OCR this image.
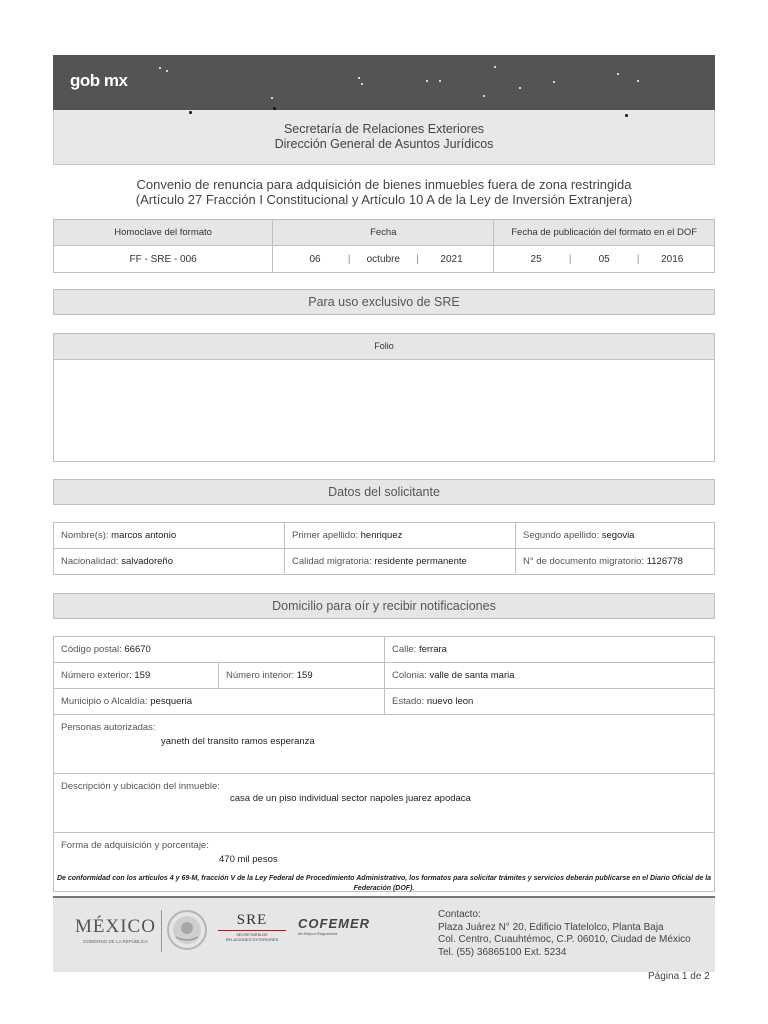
gob mx
Secretaría de Relaciones Exteriores
Dirección General de Asuntos Jurídicos
Convenio de renuncia para adquisición de bienes inmuebles fuera de zona restringida
(Artículo 27 Fracción I Constitucional y Artículo 10 A de la Ley de Inversión Extranjera)
Homoclave del formato	Fecha	Fecha de publicación del formato en el DOF
FF - SRE - 006	06 | octubre | 2021	25 | 05 | 2016
Para uso exclusivo de SRE
Folio
Datos del solicitante
Nombre(s): marcos antonio	Primer apellido: henriquez	Segundo apellido: segovia
Nacionalidad: salvadoreño	Calidad migratoria: residente permanente	N° de documento migratorio: 1126778
Domicilio para oír y recibir notificaciones
Código postal: 66670		Calle: ferrara
Número exterior: 159	Número interior: 159	Colonia: valle de santa maria
Municipio o Alcaldía: pesqueria		Estado: nuevo leon

Personas autorizadas:
yaneth del transito ramos esperanza		

Descripción y ubicación del inmueble:
casa de un piso individual sector napoles juarez apodaca		

Forma de adquisición y porcentaje:
470 mil pesos		
De conformidad con los artículos 4 y 69-M, fracción V de la Ley Federal de Procedimiento Administrativo, los formatos para solicitar trámites y servicios deberán publicarse en el Diario Oficial de la Federación (DOF).
MÉXICO
GOBIERNO DE LA REPÚBLICA
SRE
SECRETARÍA DE
RELACIONES EXTERIORES
COFEMER
de Mejora Regulatoria
Contacto:
Plaza Juárez N° 20, Edificio Tlatelolco, Planta Baja
Col. Centro, Cuauhtémoc, C.P. 06010, Ciudad de México
Tel. (55) 36865100 Ext. 5234
Página 1 de 2
